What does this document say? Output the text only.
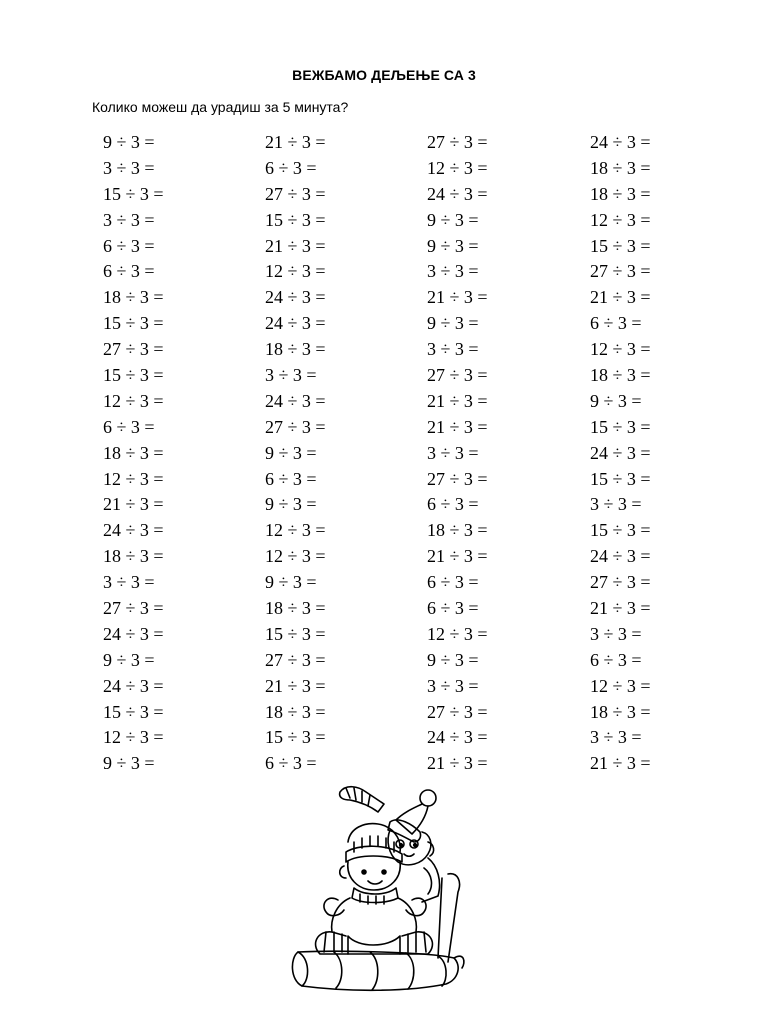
ВЕЖБАМО ДЕЉЕЊЕ СА 3
Колико можеш да урадиш за 5 минута?
9 ÷ 3 =
3 ÷ 3 =
15 ÷ 3 =
3 ÷ 3 =
6 ÷ 3 =
6 ÷ 3 =
18 ÷ 3 =
15 ÷ 3 =
27 ÷ 3 =
15 ÷ 3 =
12 ÷ 3 =
6 ÷ 3 =
18 ÷ 3 =
12 ÷ 3 =
21 ÷ 3 =
24 ÷ 3 =
18 ÷ 3 =
3 ÷ 3 =
27 ÷ 3 =
24 ÷ 3 =
9 ÷ 3 =
24 ÷ 3 =
15 ÷ 3 =
12 ÷ 3 =
9 ÷ 3 =
21 ÷ 3 =
6 ÷ 3 =
27 ÷ 3 =
15 ÷ 3 =
21 ÷ 3 =
12 ÷ 3 =
24 ÷ 3 =
24 ÷ 3 =
18 ÷ 3 =
3 ÷ 3 =
24 ÷ 3 =
27 ÷ 3 =
9 ÷ 3 =
6 ÷ 3 =
9 ÷ 3 =
12 ÷ 3 =
12 ÷ 3 =
9 ÷ 3 =
18 ÷ 3 =
15 ÷ 3 =
27 ÷ 3 =
21 ÷ 3 =
18 ÷ 3 =
15 ÷ 3 =
6 ÷ 3 =
27 ÷ 3 =
12 ÷ 3 =
24 ÷ 3 =
9 ÷ 3 =
9 ÷ 3 =
3 ÷ 3 =
21 ÷ 3 =
9 ÷ 3 =
3 ÷ 3 =
27 ÷ 3 =
21 ÷ 3 =
21 ÷ 3 =
3 ÷ 3 =
27 ÷ 3 =
6 ÷ 3 =
18 ÷ 3 =
21 ÷ 3 =
6 ÷ 3 =
6 ÷ 3 =
12 ÷ 3 =
9 ÷ 3 =
3 ÷ 3 =
27 ÷ 3 =
24 ÷ 3 =
21 ÷ 3 =
24 ÷ 3 =
18 ÷ 3 =
18 ÷ 3 =
12 ÷ 3 =
15 ÷ 3 =
27 ÷ 3 =
21 ÷ 3 =
6 ÷ 3 =
12 ÷ 3 =
18 ÷ 3 =
9 ÷ 3 =
15 ÷ 3 =
24 ÷ 3 =
15 ÷ 3 =
3 ÷ 3 =
15 ÷ 3 =
24 ÷ 3 =
27 ÷ 3 =
21 ÷ 3 =
3 ÷ 3 =
6 ÷ 3 =
12 ÷ 3 =
18 ÷ 3 =
3 ÷ 3 =
21 ÷ 3 =
